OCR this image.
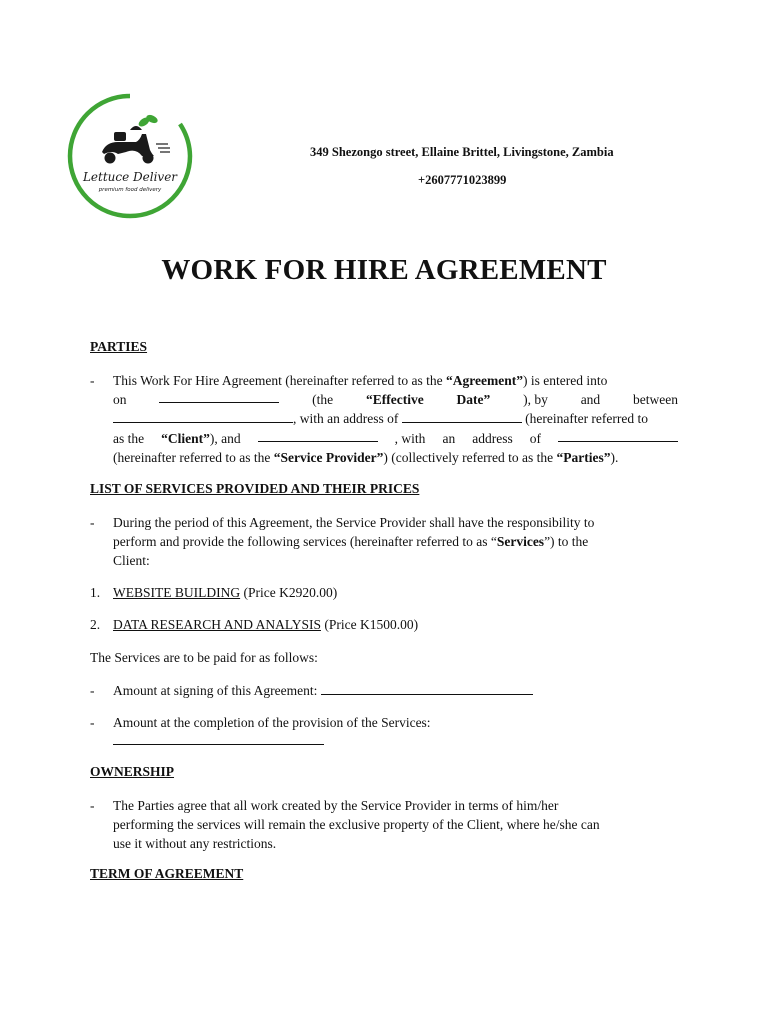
Lettuce Deliver
premium food delivery
349 Shezongo street, Ellaine Brittel, Livingstone, Zambia
+2607771023899
WORK FOR HIRE AGREEMENT
PARTIES
- This Work For Hire Agreement (hereinafter referred to as the “Agreement”) is entered into
on	(the “Effective Date” ), by and between
, with an address of	(hereinafter referred to
as the “Client”), and	, with an address of
(hereinafter referred to as the “Service Provider”) (collectively referred to as the “Parties”).
LIST OF SERVICES PROVIDED AND THEIR PRICES
- During the period of this Agreement, the Service Provider shall have the responsibility to
perform and provide the following services (hereinafter referred to as “Services”) to the
Client:
1. WEBSITE BUILDING (Price K2920.00)
2. DATA RESEARCH AND ANALYSIS (Price K1500.00)
The Services are to be paid for as follows:
- Amount at signing of this Agreement:
- Amount at the completion of the provision of the Services:
OWNERSHIP
- The Parties agree that all work created by the Service Provider in terms of him/her
performing the services will remain the exclusive property of the Client, where he/she can
use it without any restrictions.
TERM OF AGREEMENT
